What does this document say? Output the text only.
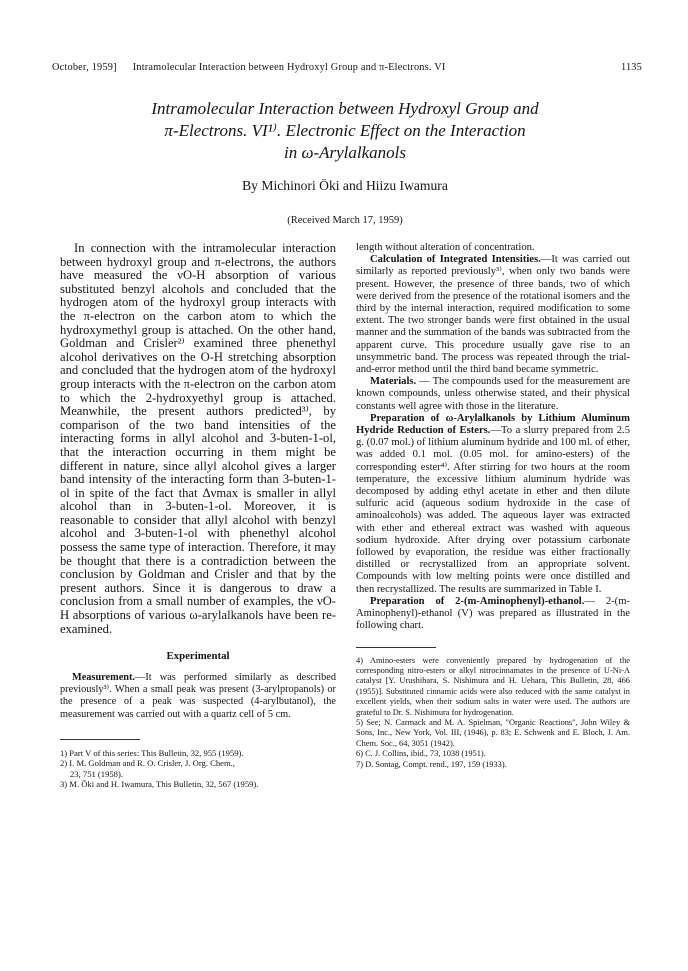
October, 1959] Intramolecular Interaction between Hydroxyl Group and π-Electrons. VI	1135
Intramolecular Interaction between Hydroxyl Group and
π-Electrons. VI¹⁾. Electronic Effect on the Interaction
in ω-Arylalkanols
By Michinori Ōki and Hiizu Iwamura
(Received March 17, 1959)

In connection with the intramolecular interaction between hydroxyl group and π-electrons, the authors have measured the νO-H absorption of various substituted benzyl alcohols and concluded that the hydrogen atom of the hydroxyl group interacts with the π-electron on the carbon atom to which the hydroxymethyl group is attached. On the other hand, Goldman and Crisler²⁾ examined three phenethyl alcohol derivatives on the O-H stretching absorption and concluded that the hydrogen atom of the hydroxyl group interacts with the π-electron on the carbon atom to which the 2-hydroxyethyl group is attached. Meanwhile, the present authors predicted³⁾, by comparison of the two band intensities of the interacting forms in allyl alcohol and 3-buten-1-ol, that the interaction occurring in them might be different in nature, since allyl alcohol gives a larger band intensity of the interacting form than 3-buten-1-ol in spite of the fact that Δνmax is smaller in allyl alcohol than in 3-buten-1-ol. Moreover, it is reasonable to consider that allyl alcohol with benzyl alcohol and 3-buten-1-ol with phenethyl alcohol possess the same type of interaction. Therefore, it may be thought that there is a contradiction between the conclusion by Goldman and Crisler and that by the present authors. Since it is dangerous to draw a conclusion from a small number of examples, the νO-H absorptions of various ω-arylalkanols have been re-examined.

Experimental

Measurement.—It was performed similarly as described previously³⁾. When a small peak was present (3-arylpropanols) or the presence of a peak was suspected (4-arylbutanol), the measurement was carried out with a quartz cell of 5 cm.

1) Part V of this series: This Bulletin, 32, 955 (1959).

2) I. M. Goldman and R. O. Crisler, J. Org. Chem.,

23, 751 (1958).

3) M. Ōki and H. Iwamura, This Bulletin, 32, 567 (1959).

length without alteration of concentration.

Calculation of Integrated Intensities.—It was carried out similarly as reported previously³⁾, when only two bands were present. However, the presence of three bands, two of which were derived from the presence of the rotational isomers and the third by the internal interaction, required modification to some extent. The two stronger bands were first obtained in the usual manner and the summation of the bands was subtracted from the apparent curve. This procedure usually gave rise to an unsymmetric band. The process was repeated through the trial-and-error method until the third band became symmetric.

Materials. — The compounds used for the measurement are known compounds, unless otherwise stated, and their physical constants well agree with those in the literature.

Preparation of ω-Arylalkanols by Lithium Aluminum Hydride Reduction of Esters.—To a slurry prepared from 2.5 g. (0.07 mol.) of lithium aluminum hydride and 100 ml. of ether, was added 0.1 mol. (0.05 mol. for amino-esters) of the corresponding ester⁴⁾. After stirring for two hours at the room temperature, the excessive lithium aluminum hydride was decomposed by adding ethyl acetate in ether and then dilute sulfuric acid (aqueous sodium hydroxide in the case of aminoalcohols) was added. The aqueous layer was extracted with ether and ethereal extract was washed with aqueous sodium hydroxide. After drying over potassium carbonate followed by evaporation, the residue was either fractionally distilled or recrystallized from an appropriate solvent. Compounds with low melting points were once distilled and then recrystallized. The results are summarized in Table I.

Preparation of 2-(m-Aminophenyl)-ethanol.— 2-(m-Aminophenyl)-ethanol (V) was prepared as illustrated in the following chart.

4) Amino-esters were conveniently prepared by hydrogenation of the corresponding nitro-esters or alkyl nitrocinnamates in the presence of U-Ni-A catalyst [Y. Urushibara, S. Nishimura and H. Uehara, This Bulletin, 28, 466 (1955)]. Substituted cinnamic acids were also reduced with the same catalyst in excellent yields, when their sodium salts in water were used. The authors are grateful to Dr. S. Nishimura for hydrogenation.

5) See; N. Carmack and M. A. Spielman, "Organic Reactions", John Wiley & Sons, Inc., New York, Vol. III, (1946), p. 83; E. Schwenk and E. Bloch, J. Am. Chem. Soc., 64, 3051 (1942).

6) C. J. Collins, ibid., 73, 1038 (1951).

7) D. Sontag, Compt. rend., 197, 159 (1933).
